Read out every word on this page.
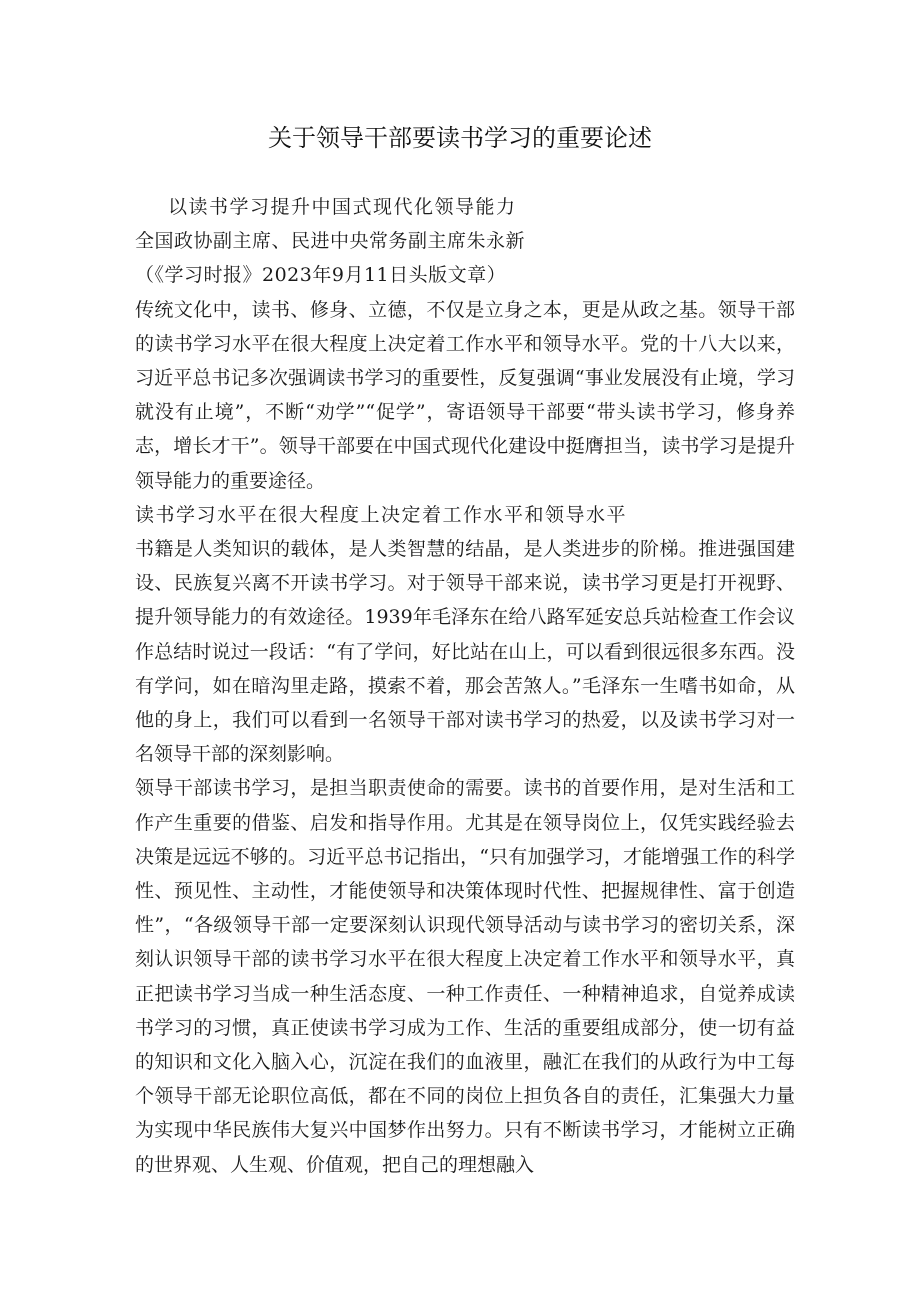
关于领导干部要读书学习的重要论述

以读书学习提升中国式现代化领导能力

全国政协副主席、民进中央常务副主席朱永新

（《学习时报》2023年9月11日头版文章）

传统文化中，读书、修身、立德，不仅是立身之本，更是从政之基。领导干部的读书学习水平在很大程度上决定着工作水平和领导水平。党的十八大以来，习近平总书记多次强调读书学习的重要性，反复强调“事业发展没有止境，学习就没有止境”，不断“劝学”“促学”，寄语领导干部要“带头读书学习，修身养志，增长才干”。领导干部要在中国式现代化建设中挺膺担当，读书学习是提升领导能力的重要途径。

读书学习水平在很大程度上决定着工作水平和领导水平

书籍是人类知识的载体，是人类智慧的结晶，是人类进步的阶梯。推进强国建设、民族复兴离不开读书学习。对于领导干部来说，读书学习更是打开视野、提升领导能力的有效途径。1939年毛泽东在给八路军延安总兵站检查工作会议作总结时说过一段话：“有了学问，好比站在山上，可以看到很远很多东西。没有学问，如在暗沟里走路，摸索不着，那会苦煞人。”毛泽东一生嗜书如命，从他的身上，我们可以看到一名领导干部对读书学习的热爱，以及读书学习对一名领导干部的深刻影响。

领导干部读书学习，是担当职责使命的需要。读书的首要作用，是对生活和工作产生重要的借鉴、启发和指导作用。尤其是在领导岗位上，仅凭实践经验去决策是远远不够的。习近平总书记指出，“只有加强学习，才能增强工作的科学性、预见性、主动性，才能使领导和决策体现时代性、把握规律性、富于创造性”，“各级领导干部一定要深刻认识现代领导活动与读书学习的密切关系，深刻认识领导干部的读书学习水平在很大程度上决定着工作水平和领导水平，真正把读书学习当成一种生活态度、一种工作责任、一种精神追求，自觉养成读书学习的习惯，真正使读书学习成为工作、生活的重要组成部分，使一切有益的知识和文化入脑入心，沉淀在我们的血液里，融汇在我们的从政行为中工每个领导干部无论职位高低，都在不同的岗位上担负各自的责任，汇集强大力量为实现中华民族伟大复兴中国梦作出努力。只有不断读书学习，才能树立正确的世界观、人生观、价值观，把自己的理想融入
